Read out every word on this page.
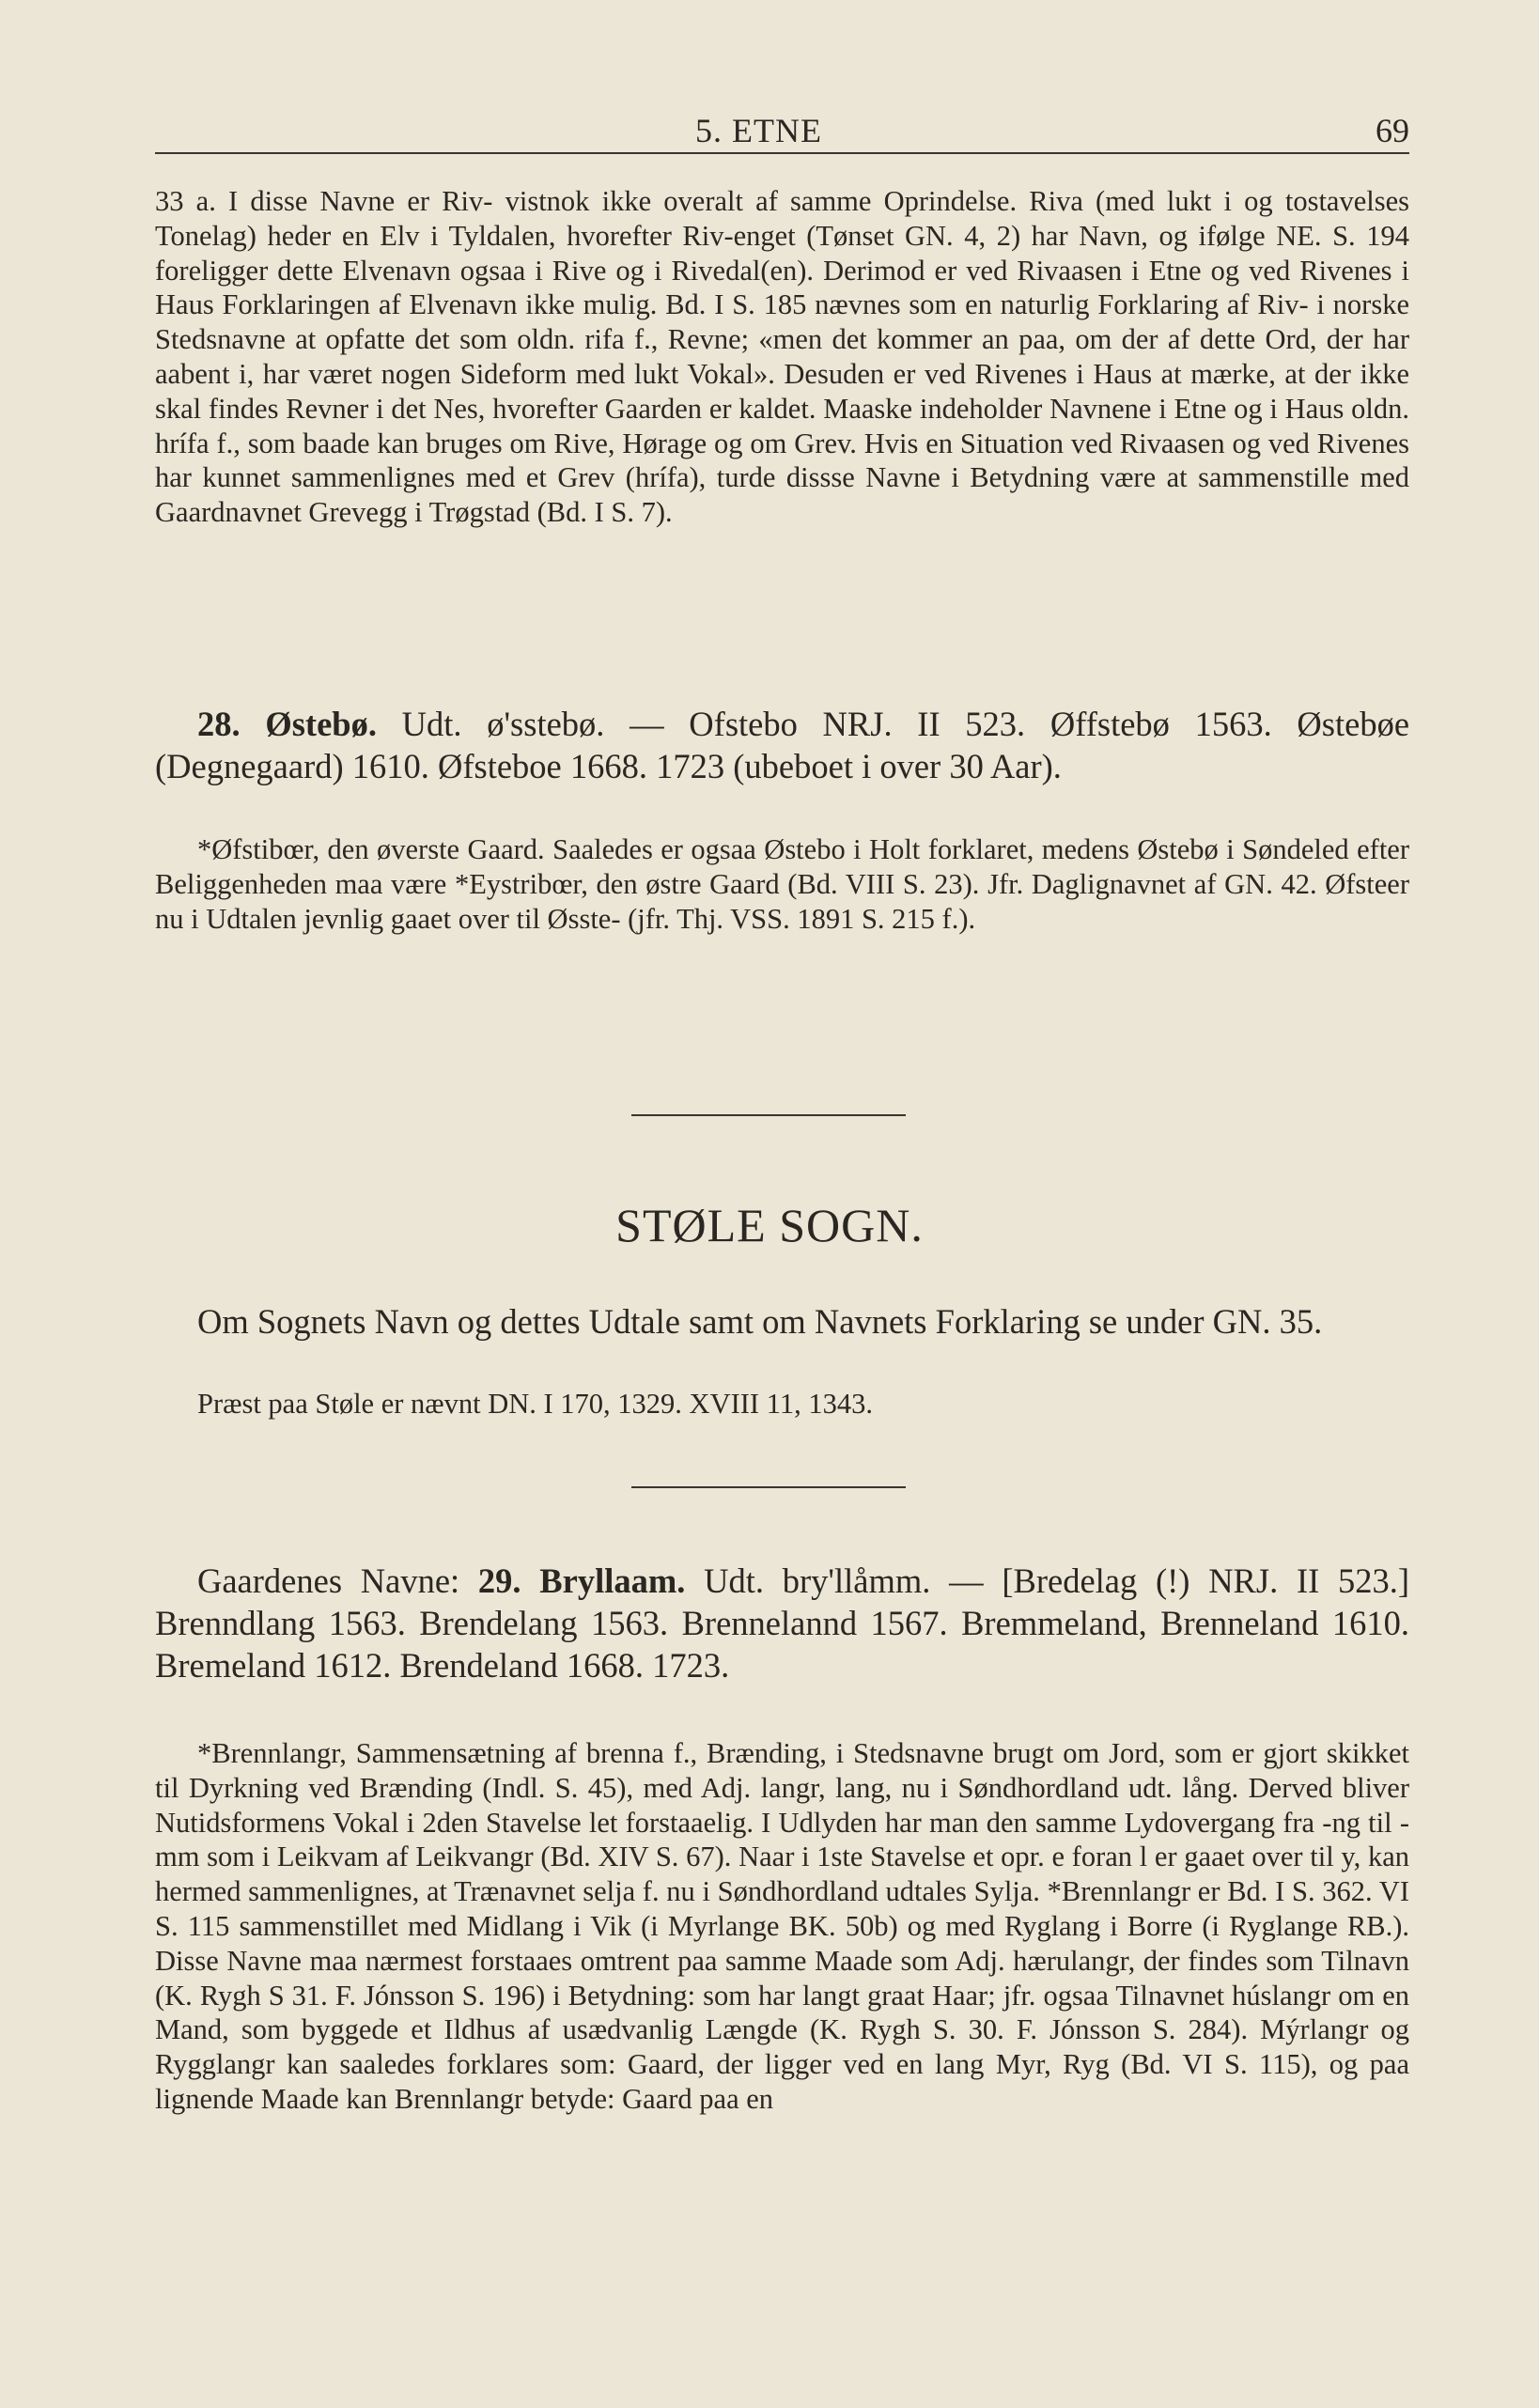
5. ETNE	69

33 a. I disse Navne er Riv- vistnok ikke overalt af samme Oprindelse. Riva (med lukt i og tostavelses Tonelag) heder en Elv i Tyldalen, hvorefter Riv-enget (Tønset GN. 4, 2) har Navn, og ifølge NE. S. 194 foreligger dette Elvenavn ogsaa i Rive og i Rivedal(en). Derimod er ved Rivaasen i Etne og ved Rivenes i Haus Forklaringen af Elvenavn ikke mulig. Bd. I S. 185 nævnes som en naturlig Forklaring af Riv- i norske Stedsnavne at opfatte det som oldn. rifa f., Revne; «men det kommer an paa, om der af dette Ord, der har aabent i, har været nogen Sideform med lukt Vokal». Desuden er ved Rivenes i Haus at mærke, at der ikke skal findes Revner i det Nes, hvorefter Gaarden er kaldet. Maaske indeholder Navnene i Etne og i Haus oldn. hrífa f., som baade kan bruges om Rive, Hørage og om Grev. Hvis en Situation ved Rivaasen og ved Rivenes har kunnet sammenlignes med et Grev (hrífa), turde dissse Navne i Betydning være at sammenstille med Gaardnavnet Grevegg i Trøgstad (Bd. I S. 7).

28. Østebø. Udt. ø'sstebø. — Ofstebo NRJ. II 523. Øffstebø 1563. Østebøe (Degnegaard) 1610. Øfsteboe 1668. 1723 (ubeboet i over 30 Aar).

*Øfstibœr, den øverste Gaard. Saaledes er ogsaa Østebo i Holt forklaret, medens Østebø i Søndeled efter Beliggenheden maa være *Eystribœr, den østre Gaard (Bd. VIII S. 23). Jfr. Daglignavnet af GN. 42. Øfsteer nu i Udtalen jevnlig gaaet over til Øsste- (jfr. Thj. VSS. 1891 S. 215 f.).

STØLE SOGN.

Om Sognets Navn og dettes Udtale samt om Navnets Forklaring se under GN. 35.

Præst paa Støle er nævnt DN. I 170, 1329. XVIII 11, 1343.

Gaardenes Navne: 29. Bryllaam. Udt. bry'llåmm. — [Bredelag (!) NRJ. II 523.] Brenndlang 1563. Brendelang 1563. Brennelannd 1567. Bremmeland, Brenneland 1610. Bremeland 1612. Brendeland 1668. 1723.

*Brennlangr, Sammensætning af brenna f., Brænding, i Stedsnavne brugt om Jord, som er gjort skikket til Dyrkning ved Brænding (Indl. S. 45), med Adj. langr, lang, nu i Søndhordland udt. lång. Derved bliver Nutidsformens Vokal i 2den Stavelse let forstaaelig. I Udlyden har man den samme Lydovergang fra -ng til -mm som i Leikvam af Leikvangr (Bd. XIV S. 67). Naar i 1ste Stavelse et opr. e foran l er gaaet over til y, kan hermed sammenlignes, at Trænavnet selja f. nu i Søndhordland udtales Sylja. *Brennlangr er Bd. I S. 362. VI S. 115 sammenstillet med Midlang i Vik (i Myrlange BK. 50b) og med Ryglang i Borre (i Ryglange RB.). Disse Navne maa nærmest forstaaes omtrent paa samme Maade som Adj. hærulangr, der findes som Tilnavn (K. Rygh S 31. F. Jónsson S. 196) i Betydning: som har langt graat Haar; jfr. ogsaa Tilnavnet húslangr om en Mand, som byggede et Ildhus af usædvanlig Længde (K. Rygh S. 30. F. Jónsson S. 284). Mýrlangr og Rygglangr kan saaledes forklares som: Gaard, der ligger ved en lang Myr, Ryg (Bd. VI S. 115), og paa lignende Maade kan Brennlangr betyde: Gaard paa en
